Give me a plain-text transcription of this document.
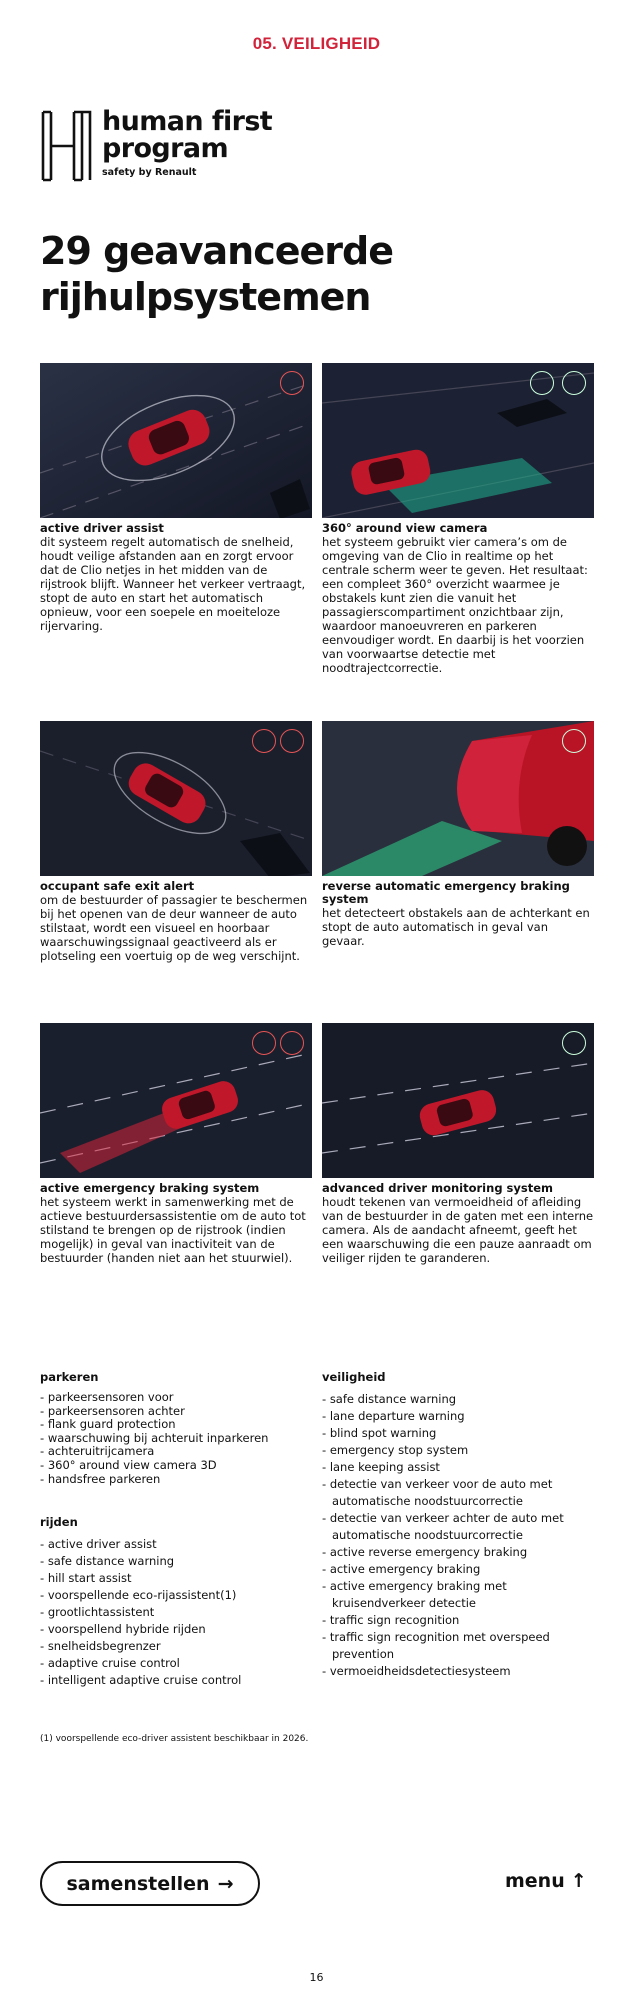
05. VEILIGHEID
human first
program
safety by Renault
29 geavanceerde
rijhulpsystemen
active driver assist
dit systeem regelt automatisch de snelheid, houdt veilige afstanden aan en zorgt ervoor dat de Clio netjes in het midden van de rijstrook blijft. Wanneer het verkeer vertraagt, stopt de auto en start het automatisch opnieuw, voor een soepele en moeiteloze rijervaring.
360° around view camera
het systeem gebruikt vier camera’s om de omgeving van de Clio in realtime op het centrale scherm weer te geven. Het resultaat: een compleet 360° overzicht waarmee je obstakels kunt zien die vanuit het passagierscompartiment onzichtbaar zijn, waardoor manoeuvreren en parkeren eenvoudiger wordt. En daarbij is het voorzien van voorwaartse detectie met noodtrajectcorrectie.
occupant safe exit alert
om de bestuurder of passagier te beschermen bij het openen van de deur wanneer de auto stilstaat, wordt een visueel en hoorbaar waarschuwingssignaal geactiveerd als er plotseling een voertuig op de weg verschijnt.
reverse automatic emergency braking system
het detecteert obstakels aan de achterkant en stopt de auto automatisch in geval van gevaar.
active emergency braking system
het systeem werkt in samenwerking met de actieve bestuurdersassistentie om de auto tot stilstand te brengen op de rijstrook (indien mogelijk) in geval van inactiviteit van de bestuurder (handen niet aan het stuurwiel).
advanced driver monitoring system
houdt tekenen van vermoeidheid of afleiding van de bestuurder in de gaten met een interne camera. Als de aandacht afneemt, geeft het een waarschuwing die een pauze aanraadt om veiliger rijden te garanderen.
parkeren
- parkeersensoren voor
- parkeersensoren achter
- flank guard protection
- waarschuwing bij achteruit inparkeren
- achteruitrijcamera
- 360° around view camera 3D
- handsfree parkeren
rijden
- active driver assist
- safe distance warning
- hill start assist
- voorspellende eco-rijassistent(1)
- grootlichtassistent
- voorspellend hybride rijden
- snelheidsbegrenzer
- adaptive cruise control
- intelligent adaptive cruise control
veiligheid
- safe distance warning
- lane departure warning
- blind spot warning
- emergency stop system
- lane keeping assist
- detectie van verkeer voor de auto met automatische noodstuurcorrectie
- detectie van verkeer achter de auto met automatische noodstuurcorrectie
- active reverse emergency braking
- active emergency braking
- active emergency braking met kruisendverkeer detectie
- traffic sign recognition
- traffic sign recognition met overspeed prevention
- vermoeidheidsdetectiesysteem
(1) voorspellende eco-driver assistent beschikbaar in 2026.
samenstellen →	menu ↑
16
